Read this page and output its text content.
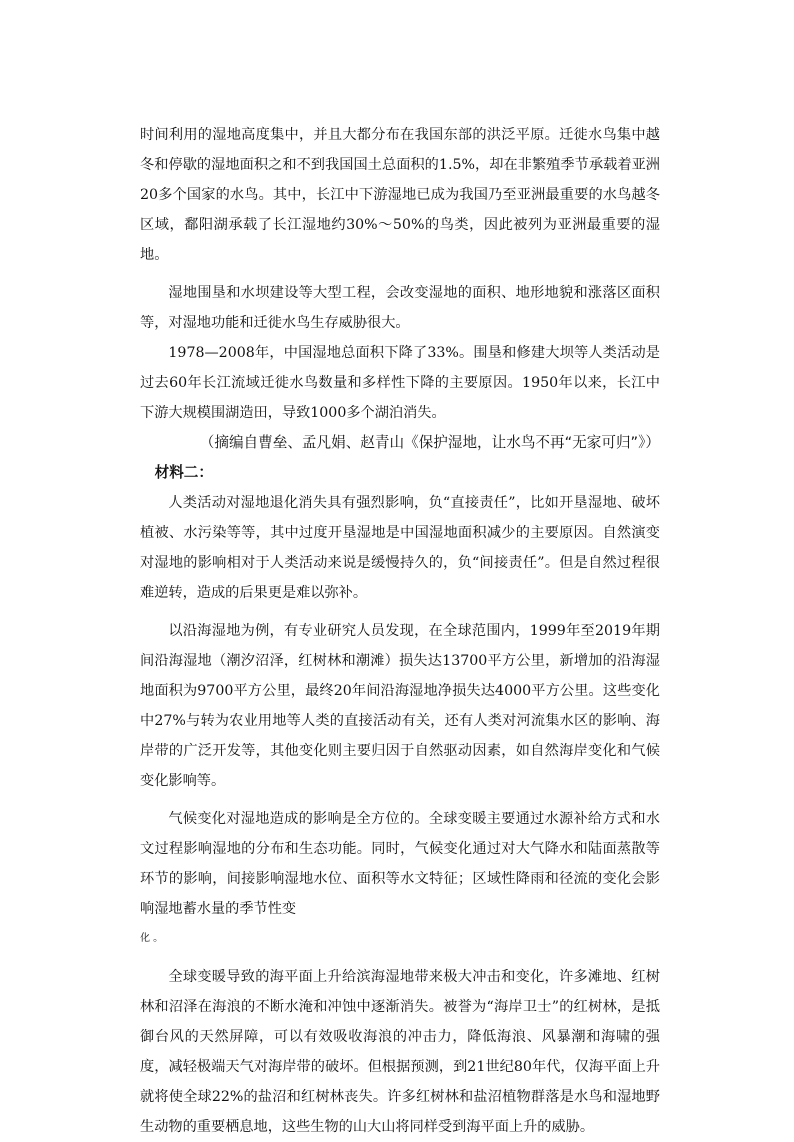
时间利用的湿地高度集中，并且大都分布在我国东部的洪泛平原。迁徙水鸟集中越冬和停歇的湿地面积之和不到我国国土总面积的1.5%，却在非繁殖季节承载着亚洲20多个国家的水鸟。其中，长江中下游湿地已成为我国乃至亚洲最重要的水鸟越冬区域，鄱阳湖承载了长江湿地约30%～50%的鸟类，因此被列为亚洲最重要的湿地。

湿地围垦和水坝建设等大型工程，会改变湿地的面积、地形地貌和涨落区面积等，对湿地功能和迁徙水鸟生存威胁很大。

1978—2008年，中国湿地总面积下降了33%。围垦和修建大坝等人类活动是过去60年长江流域迁徙水鸟数量和多样性下降的主要原因。1950年以来，长江中下游大规模围湖造田，导致1000多个湖泊消失。

（摘编自曹垒、孟凡娟、赵青山《保护湿地，让水鸟不再“无家可归”》）

材料二：

人类活动对湿地退化消失具有强烈影响，负“直接责任”，比如开垦湿地、破坏植被、水污染等等，其中过度开垦湿地是中国湿地面积减少的主要原因。自然演变对湿地的影响相对于人类活动来说是缓慢持久的，负“间接责任”。但是自然过程很难逆转，造成的后果更是难以弥补。

以沿海湿地为例，有专业研究人员发现，在全球范围内，1999年至2019年期间沿海湿地（潮汐沼泽，红树林和潮滩）损失达13700平方公里，新增加的沿海湿地面积为9700平方公里，最终20年间沿海湿地净损失达4000平方公里。这些变化中27%与转为农业用地等人类的直接活动有关，还有人类对河流集水区的影响、海岸带的广泛开发等，其他变化则主要归因于自然驱动因素，如自然海岸变化和气候变化影响等。

气候变化对湿地造成的影响是全方位的。全球变暖主要通过水源补给方式和水文过程影响湿地的分布和生态功能。同时，气候变化通过对大气降水和陆面蒸散等环节的影响，间接影响湿地水位、面积等水文特征；区域性降雨和径流的变化会影响湿地蓄水量的季节性变

化 。

全球变暖导致的海平面上升给滨海湿地带来极大冲击和变化，许多滩地、红树林和沼泽在海浪的不断水淹和冲蚀中逐渐消失。被誉为“海岸卫士”的红树林，是抵御台风的天然屏障，可以有效吸收海浪的冲击力，降低海浪、风暴潮和海啸的强度，减轻极端天气对海岸带的破坏。但根据预测，到21世纪80年代，仅海平面上升就将使全球22%的盐沼和红树林丧失。许多红树林和盐沼植物群落是水鸟和湿地野生动物的重要栖息地，这些生物的山大山将同样受到海平面上升的威胁。
